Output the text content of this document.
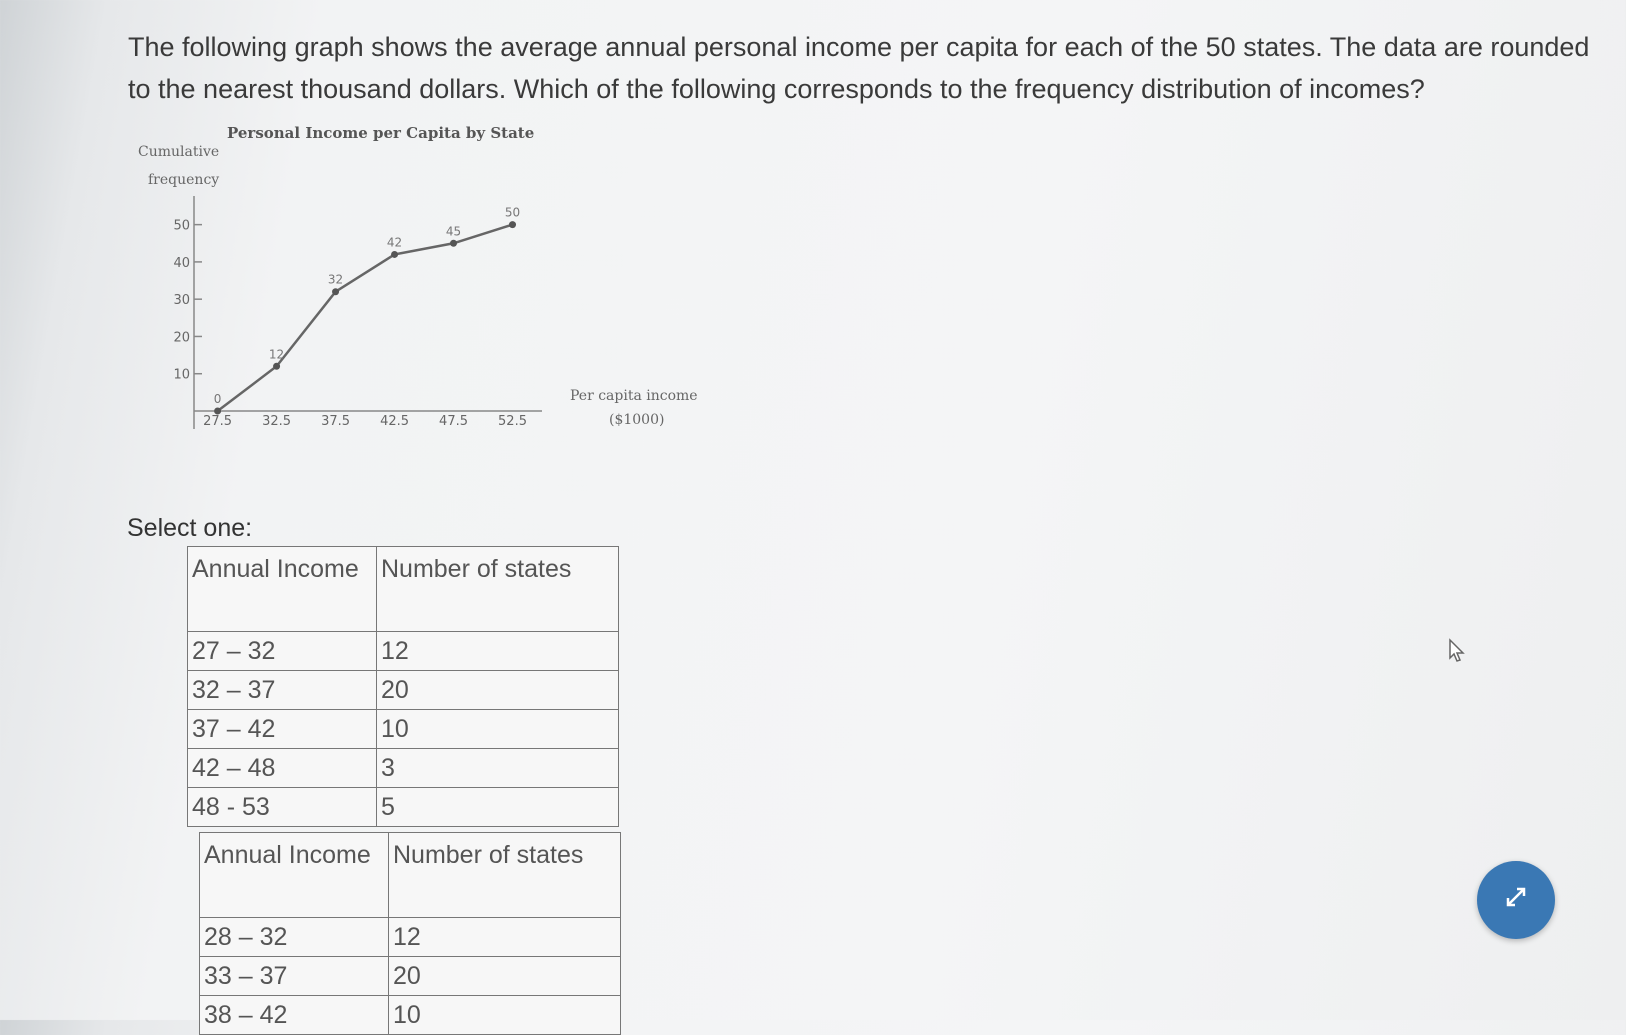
The following graph shows the average annual personal income per capita for each of the 50 states. The data are rounded to the nearest thousand dollars. Which of the following corresponds to the frequency distribution of incomes?
Personal Income per Capita by State
Cumulative
frequency
Per capita income
($1000)
10
20
30
40
50
27.5 32.5 37.5 42.5 47.5 52.5
0
12
32
42
45
50
Select one:
Annual Income	Number of states
27 – 32	12
32 – 37	20
37 – 42	10
42 – 48	3
48 - 53	5
Annual Income	Number of states
28 – 32	12
33 – 37	20
38 – 42	10
